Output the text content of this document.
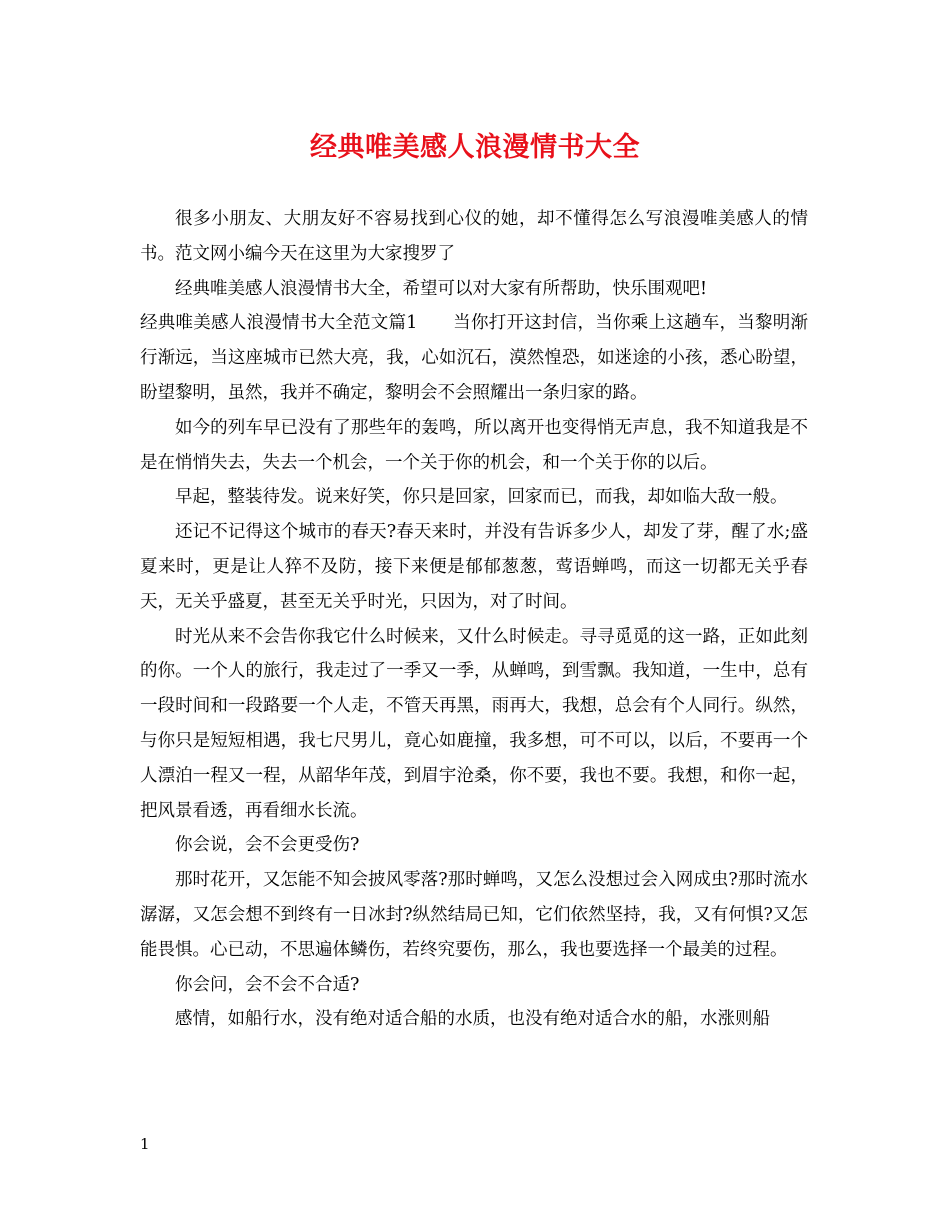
经典唯美感人浪漫情书大全

很多小朋友、大朋友好不容易找到心仪的她，却不懂得怎么写浪漫唯美感人的情书。范文网小编今天在这里为大家搜罗了

经典唯美感人浪漫情书大全，希望可以对大家有所帮助，快乐围观吧!

经典唯美感人浪漫情书大全范文篇1　　当你打开这封信，当你乘上这趟车，当黎明渐行渐远，当这座城市已然大亮，我，心如沉石，漠然惶恐，如迷途的小孩，悉心盼望，盼望黎明，虽然，我并不确定，黎明会不会照耀出一条归家的路。

如今的列车早已没有了那些年的轰鸣，所以离开也变得悄无声息，我不知道我是不是在悄悄失去，失去一个机会，一个关于你的机会，和一个关于你的以后。

早起，整装待发。说来好笑，你只是回家，回家而已，而我，却如临大敌一般。

还记不记得这个城市的春天?春天来时，并没有告诉多少人，却发了芽，醒了水;盛夏来时，更是让人猝不及防，接下来便是郁郁葱葱，莺语蝉鸣，而这一切都无关乎春天，无关乎盛夏，甚至无关乎时光，只因为，对了时间。

时光从来不会告你我它什么时候来，又什么时候走。寻寻觅觅的这一路，正如此刻的你。一个人的旅行，我走过了一季又一季，从蝉鸣，到雪飘。我知道，一生中，总有一段时间和一段路要一个人走，不管天再黑，雨再大，我想，总会有个人同行。纵然，与你只是短短相遇，我七尺男儿，竟心如鹿撞，我多想，可不可以，以后，不要再一个人漂泊一程又一程，从韶华年茂，到眉宇沧桑，你不要，我也不要。我想，和你一起，把风景看透，再看细水长流。

你会说，会不会更受伤?

那时花开，又怎能不知会披风零落?那时蝉鸣，又怎么没想过会入网成虫?那时流水潺潺，又怎会想不到终有一日冰封?纵然结局已知，它们依然坚持，我，又有何惧?又怎能畏惧。心已动，不思遍体鳞伤，若终究要伤，那么，我也要选择一个最美的过程。

你会问，会不会不合适?

感情，如船行水，没有绝对适合船的水质，也没有绝对适合水的船，水涨则船

1
